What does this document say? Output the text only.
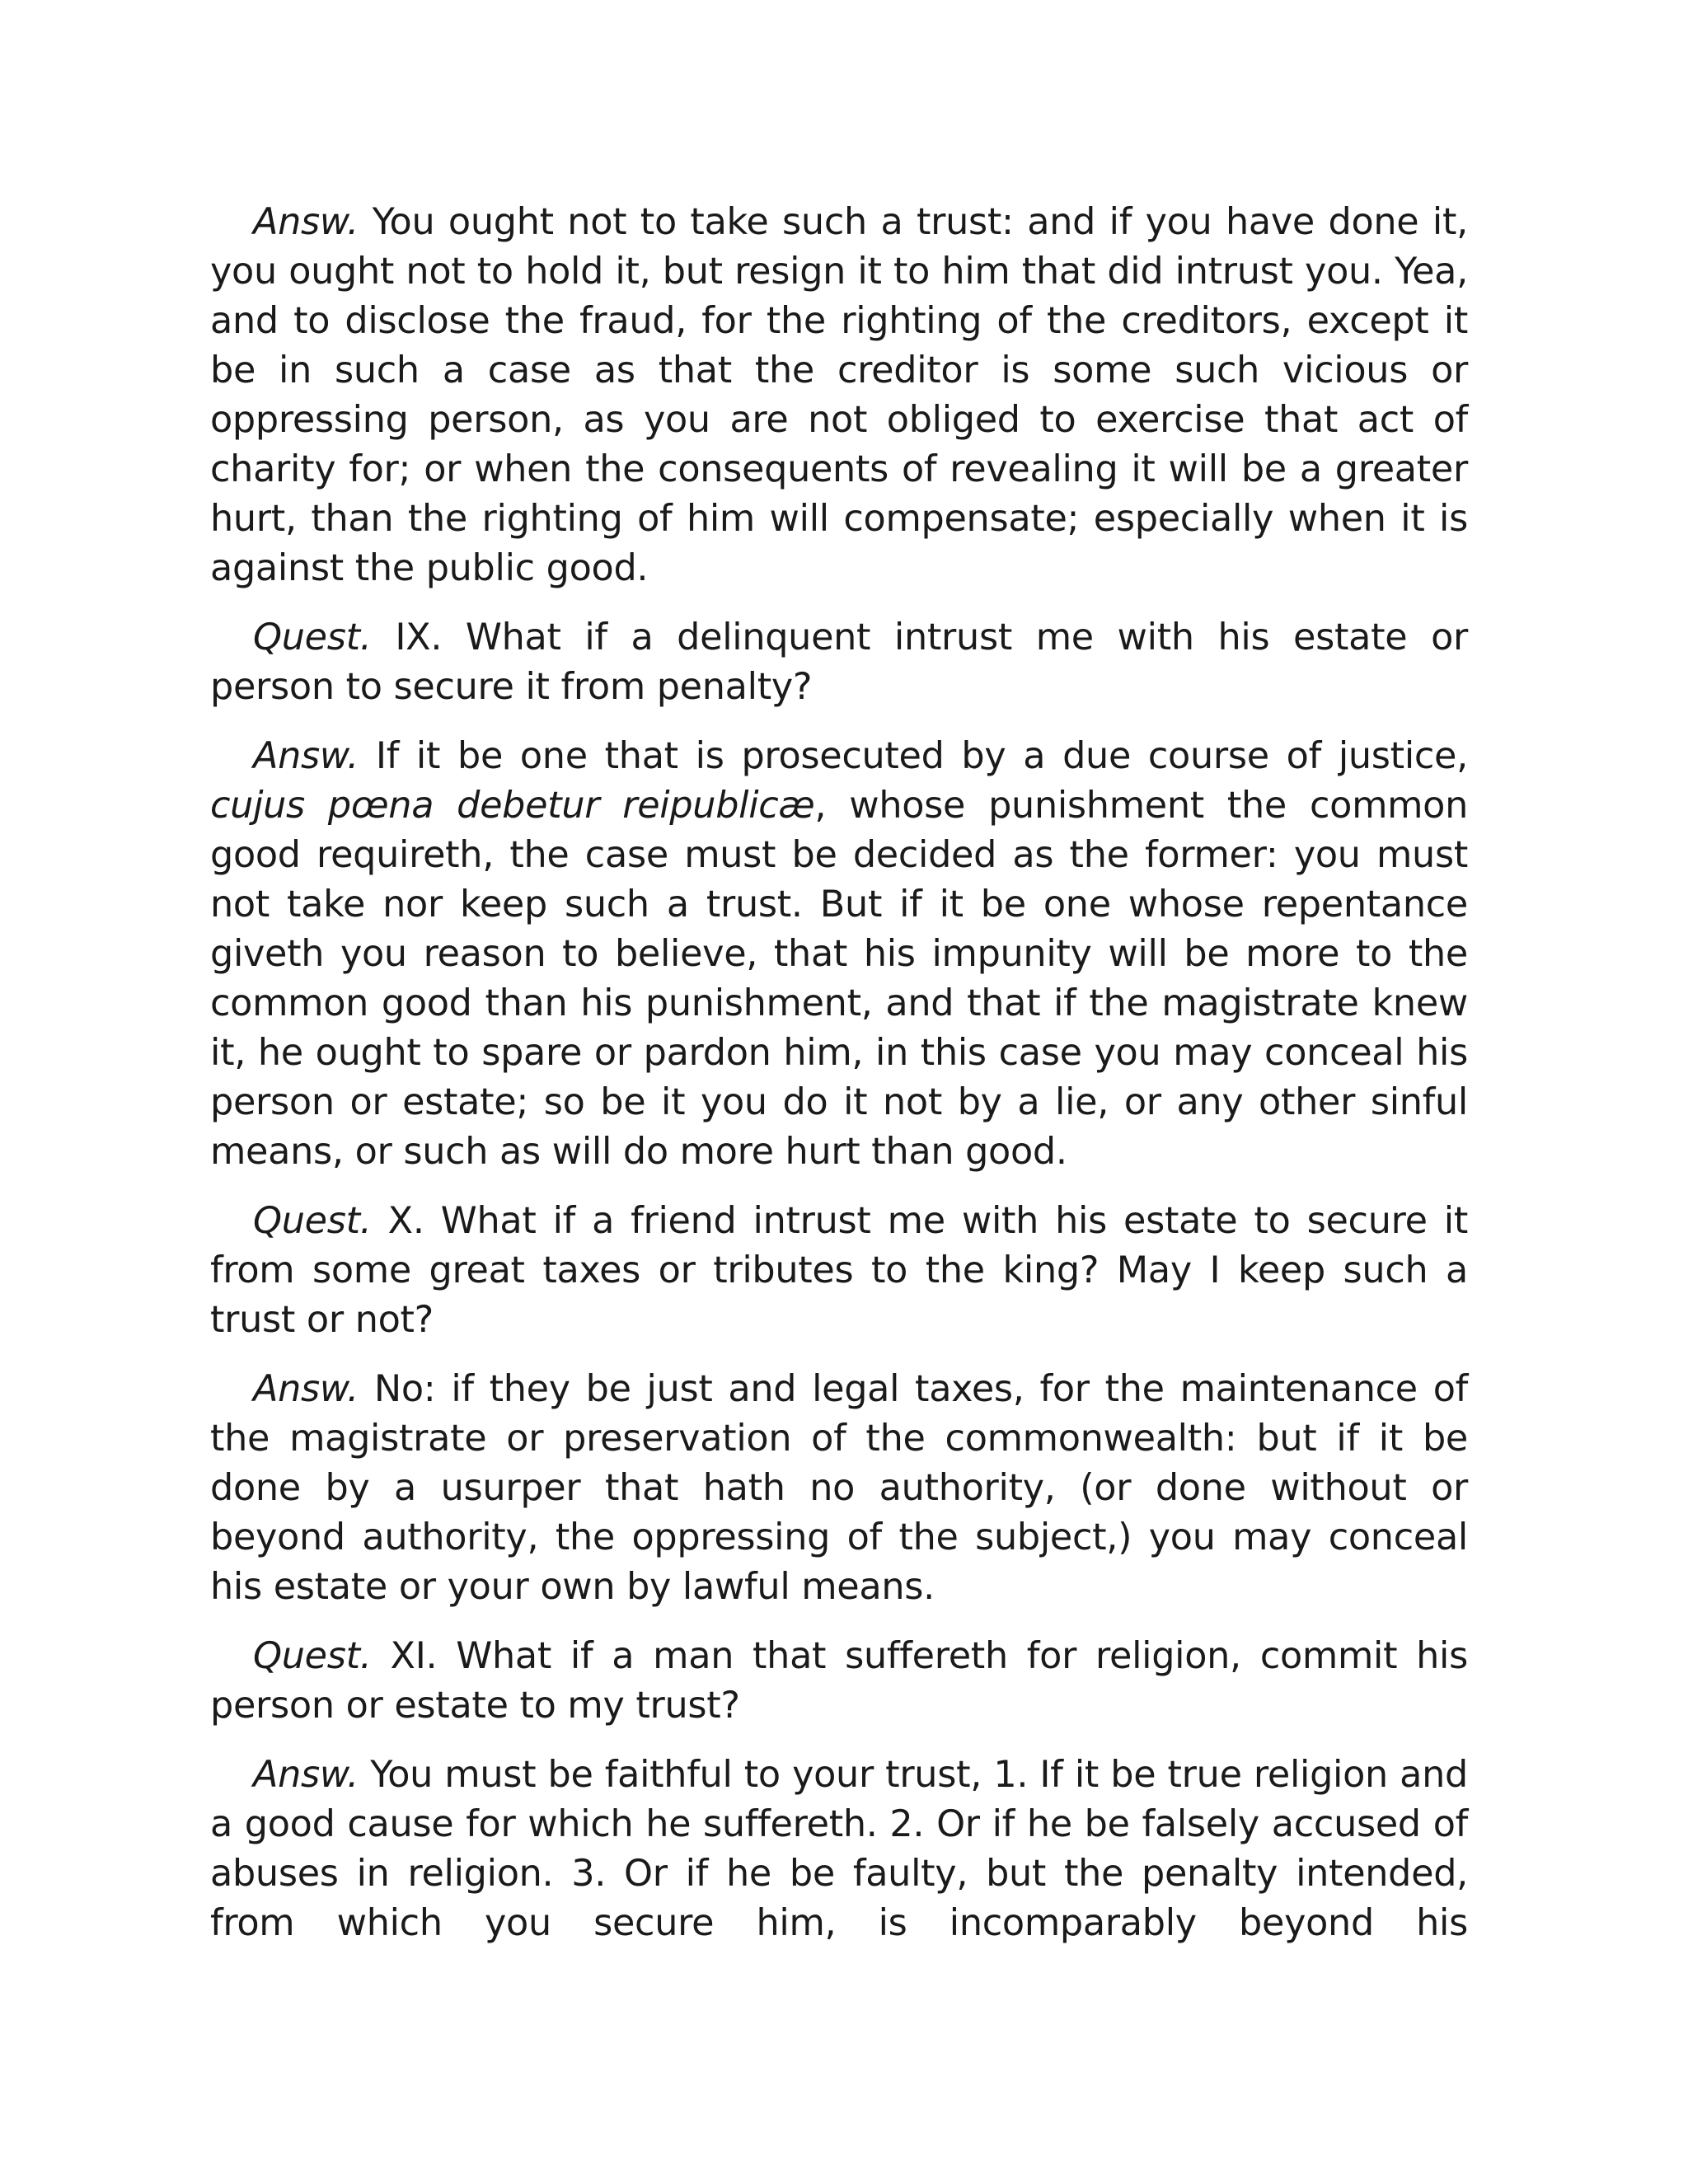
Answ. You ought not to take such a trust: and if you have done it, you ought not to hold it, but resign it to him that did intrust you. Yea, and to disclose the fraud, for the righting of the creditors, except it be in such a case as that the creditor is some such vicious or oppressing person, as you are not obliged to exercise that act of charity for; or when the consequents of revealing it will be a greater hurt, than the righting of him will compensate; especially when it is against the public good.

Quest. IX. What if a delinquent intrust me with his estate or person to secure it from penalty?

Answ. If it be one that is prosecuted by a due course of justice, cujus pœna debetur reipublicæ, whose punishment the common good requireth, the case must be decided as the former: you must not take nor keep such a trust. But if it be one whose repentance giveth you reason to believe, that his impunity will be more to the common good than his punishment, and that if the magistrate knew it, he ought to spare or pardon him, in this case you may conceal his person or estate; so be it you do it not by a lie, or any other sinful means, or such as will do more hurt than good.

Quest. X. What if a friend intrust me with his estate to secure it from some great taxes or tributes to the king? May I keep such a trust or not?

Answ. No: if they be just and legal taxes, for the maintenance of the magistrate or preservation of the commonwealth: but if it be done by a usurper that hath no authority, (or done without or beyond authority, the oppressing of the subject,) you may conceal his estate or your own by lawful means.

Quest. XI. What if a man that suffereth for religion, commit his person or estate to my trust?

Answ. You must be faithful to your trust, 1. If it be true religion and a good cause for which he suffereth. 2. Or if he be falsely accused of abuses in religion. 3. Or if he be faulty, but the penalty intended, from which you secure him, is incomparably beyond his
